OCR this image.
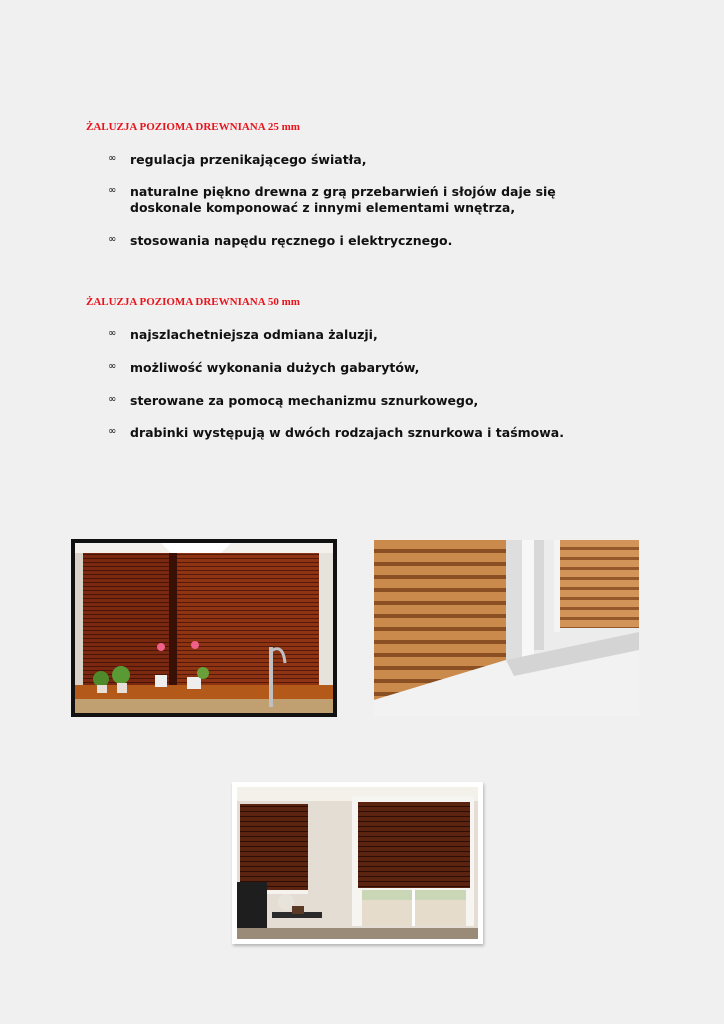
ŻALUZJA POZIOMA DREWNIANA 25 mm
∞ regulacja przenikającego światła,
∞ naturalne piękno drewna z grą przebarwień i słojów daje się doskonale komponować z innymi elementami wnętrza,
∞ stosowania napędu ręcznego i elektrycznego.
ŻALUZJA POZIOMA DREWNIANA 50 mm
∞ najszlachetniejsza odmiana żaluzji,
∞ możliwość wykonania dużych gabarytów,
∞ sterowane za pomocą mechanizmu sznurkowego,
∞ drabinki występują w dwóch rodzajach sznurkowa i taśmowa.
